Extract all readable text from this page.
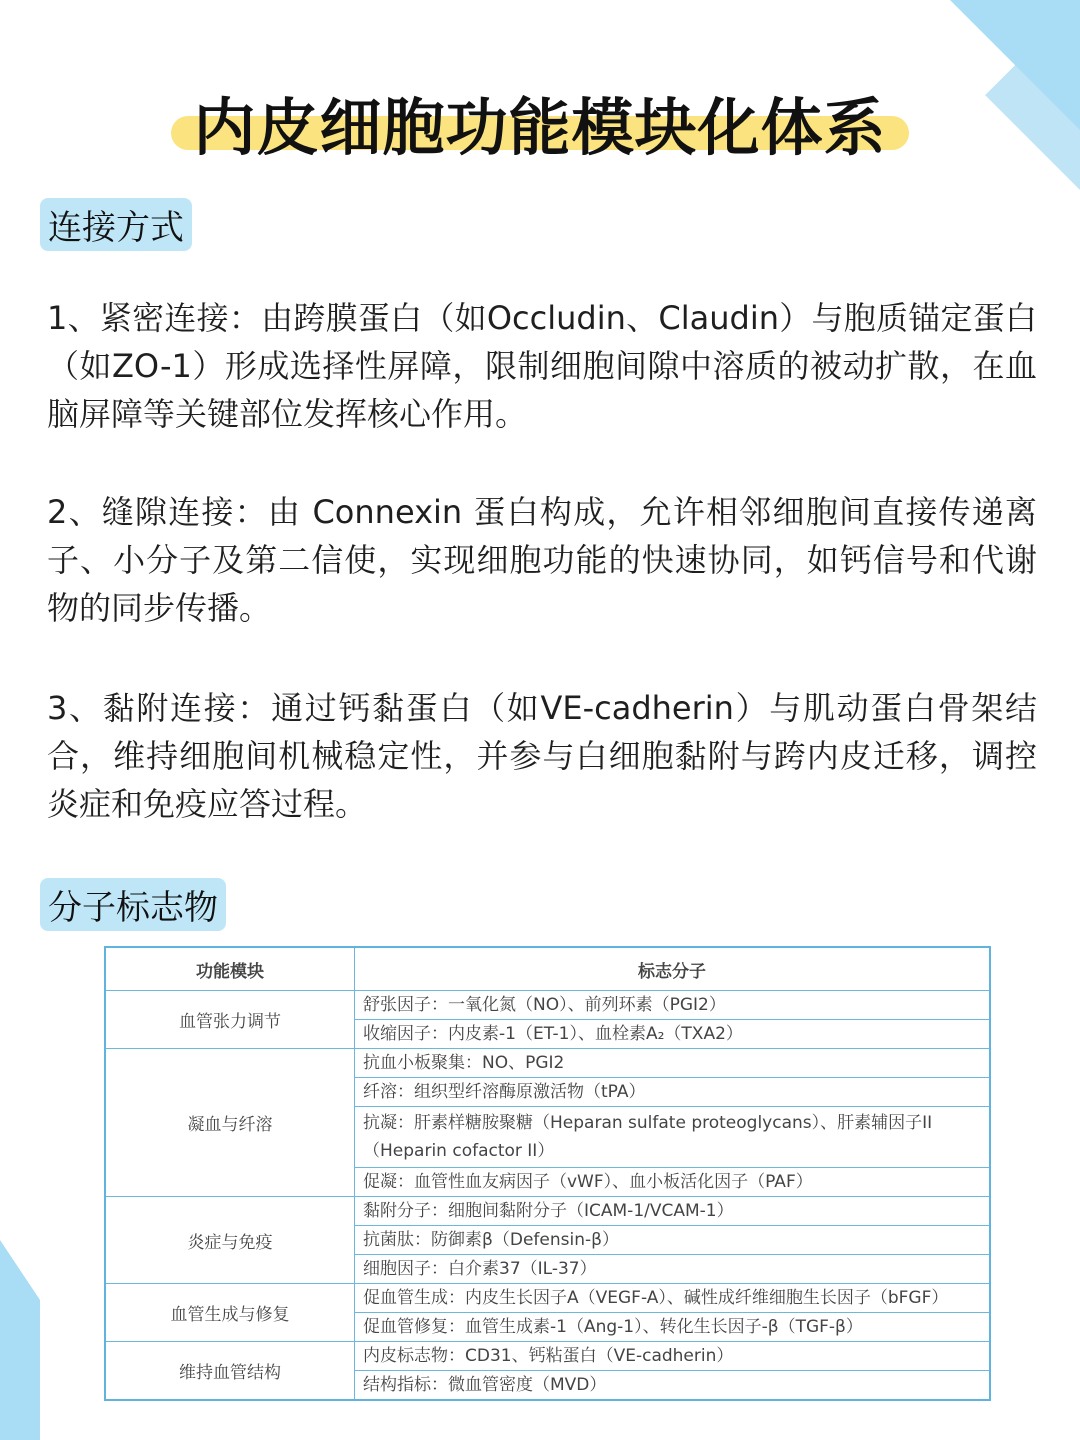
内皮细胞功能模块化体系
连接方式
1、紧密连接：由跨膜蛋白（如Occludin、Claudin）与胞质锚定蛋白（如ZO-1）形成选择性屏障，限制细胞间隙中溶质的被动扩散，在血脑屏障等关键部位发挥核心作用。
2、缝隙连接：由 Connexin 蛋白构成，允许相邻细胞间直接传递离子、小分子及第二信使，实现细胞功能的快速协同，如钙信号和代谢物的同步传播。
3、黏附连接：通过钙黏蛋白（如VE-cadherin）与肌动蛋白骨架结合，维持细胞间机械稳定性，并参与白细胞黏附与跨内皮迁移，调控炎症和免疫应答过程。
分子标志物
功能模块	标志分子
血管张力调节	舒张因子：一氧化氮（NO）、前列环素（PGI2）
	收缩因子：内皮素-1（ET-1）、血栓素A₂（TXA2）
凝血与纤溶	抗血小板聚集：NO、PGI2
	纤溶：组织型纤溶酶原激活物（tPA）
	抗凝：肝素样糖胺聚糖（Heparan sulfate proteoglycans）、肝素辅因子II（Heparin cofactor II）
	促凝：血管性血友病因子（vWF）、血小板活化因子（PAF）
炎症与免疫	黏附分子：细胞间黏附分子（ICAM-1/VCAM-1）
	抗菌肽：防御素β（Defensin-β）
	细胞因子：白介素37（IL-37）
血管生成与修复	促血管生成：内皮生长因子A（VEGF-A）、碱性成纤维细胞生长因子（bFGF）
	促血管修复：血管生成素-1（Ang-1）、转化生长因子-β（TGF-β）
维持血管结构	内皮标志物：CD31、钙粘蛋白（VE-cadherin）
	结构指标：微血管密度（MVD）
